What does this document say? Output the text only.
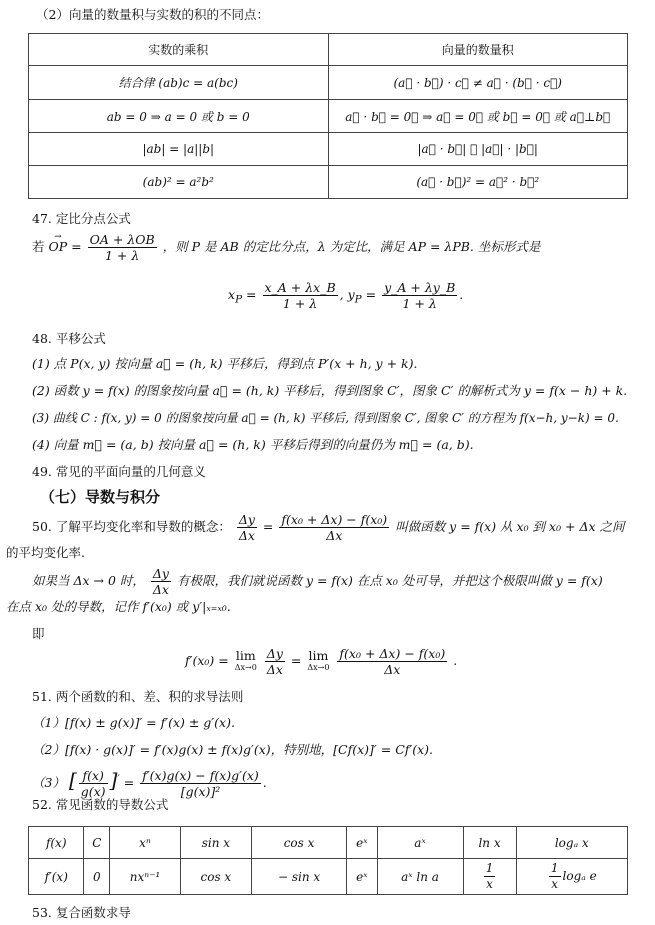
（2）向量的数量积与实数的积的不同点：
实数的乘积	向量的数量积
结合律 (ab)c = a(bc)	(a⃗ · b⃗) · c⃗ ≠ a⃗ · (b⃗ · c⃗)
ab = 0 ⇒ a = 0 或 b = 0	a⃗ · b⃗ = 0⃗ ⇒ a⃗ = 0⃗ 或 b⃗ = 0⃗ 或 a⃗⊥b⃗
|ab| = |a||b|	|a⃗ · b⃗| ⩽ |a⃗| · |b⃗|
(ab)² = a²b²	(a⃗ · b⃗)² = a⃗² · b⃗²
47. 定比分点公式
若 → OP = $\frac{\text{OA + λOB}}{1 + \lambda}$ ，则 P 是 AB 的定比分点，λ 为定比，满足 AP = λPB. 坐标形式是
$x_P = \frac{x\_A + \lambda x\_B}{1 + \lambda}$ , $y_P = \frac{y\_A + \lambda y\_B}{1 + \lambda}$ .
48. 平移公式
(1) 点 P(x, y) 按向量 a⃗ = (h, k) 平移后，得到点 P′(x + h, y + k).
(2) 函数 y = f(x) 的图象按向量 a⃗ = (h, k) 平移后，得到图象 C′，图象 C′ 的解析式为 y = f(x − h) + k.
(3) 曲线 C : f(x, y) = 0 的图象按向量 a⃗ = (h, k) 平移后, 得到图象 C′, 图象 C′ 的方程为 f(x−h, y−k) = 0.
(4) 向量 m⃗ = (a, b) 按向量 a⃗ = (h, k) 平移后得到的向量仍为 m⃗ = (a, b).
49. 常见的平面向量的几何意义
（七）导数与积分
50. 了解平均变化率和导数的概念： $\frac{\Delta y}{\Delta x} = \frac{\text{f(x₀ + Δx) − f(x₀)}}{\Delta x}$ 叫做函数 y = f(x) 从 x₀ 到 x₀ + Δx 之间
的平均变化率.
如果当 Δx → 0 时， $\frac{\Delta y}{\Delta x}$ 有极限，我们就说函数 y = f(x) 在点 x₀ 处可导，并把这个极限叫做 y = f(x)
在点 x₀ 处的导数，记作 f′(x₀) 或 y′|ₓ₌ₓ₀.
即
f′(x₀) = lim
Δx→0
$\frac{\Delta y}{\Delta x} = \lim$
Δx→0
$\frac{\text{f(x₀ + Δx) − f(x₀)}}{\Delta x}$ .
51. 两个函数的和、差、积的求导法则
（1）[f(x) ± g(x)]′ = f′(x) ± g′(x).
（2）[f(x) · g(x)]′ = f′(x)g(x) ± f(x)g′(x)，特别地，[Cf(x)]′ = Cf′(x).
（3） [ $\frac{f(x)}{g(x)} ]' = \frac{f'(x)g(x) - f(x)g'(x)}{\text{[g(x)]²}}$ .
52. 常见函数的导数公式
f(x)	C	xⁿ	sin x	cos x	eˣ	aˣ	ln x	logₐ x
f′(x)	0	nxⁿ⁻¹	cos x	− sin x	eˣ	aˣ ln a	$\frac{1}{x}$	$\frac{1}{x}$ logₐ e
53. 复合函数求导
